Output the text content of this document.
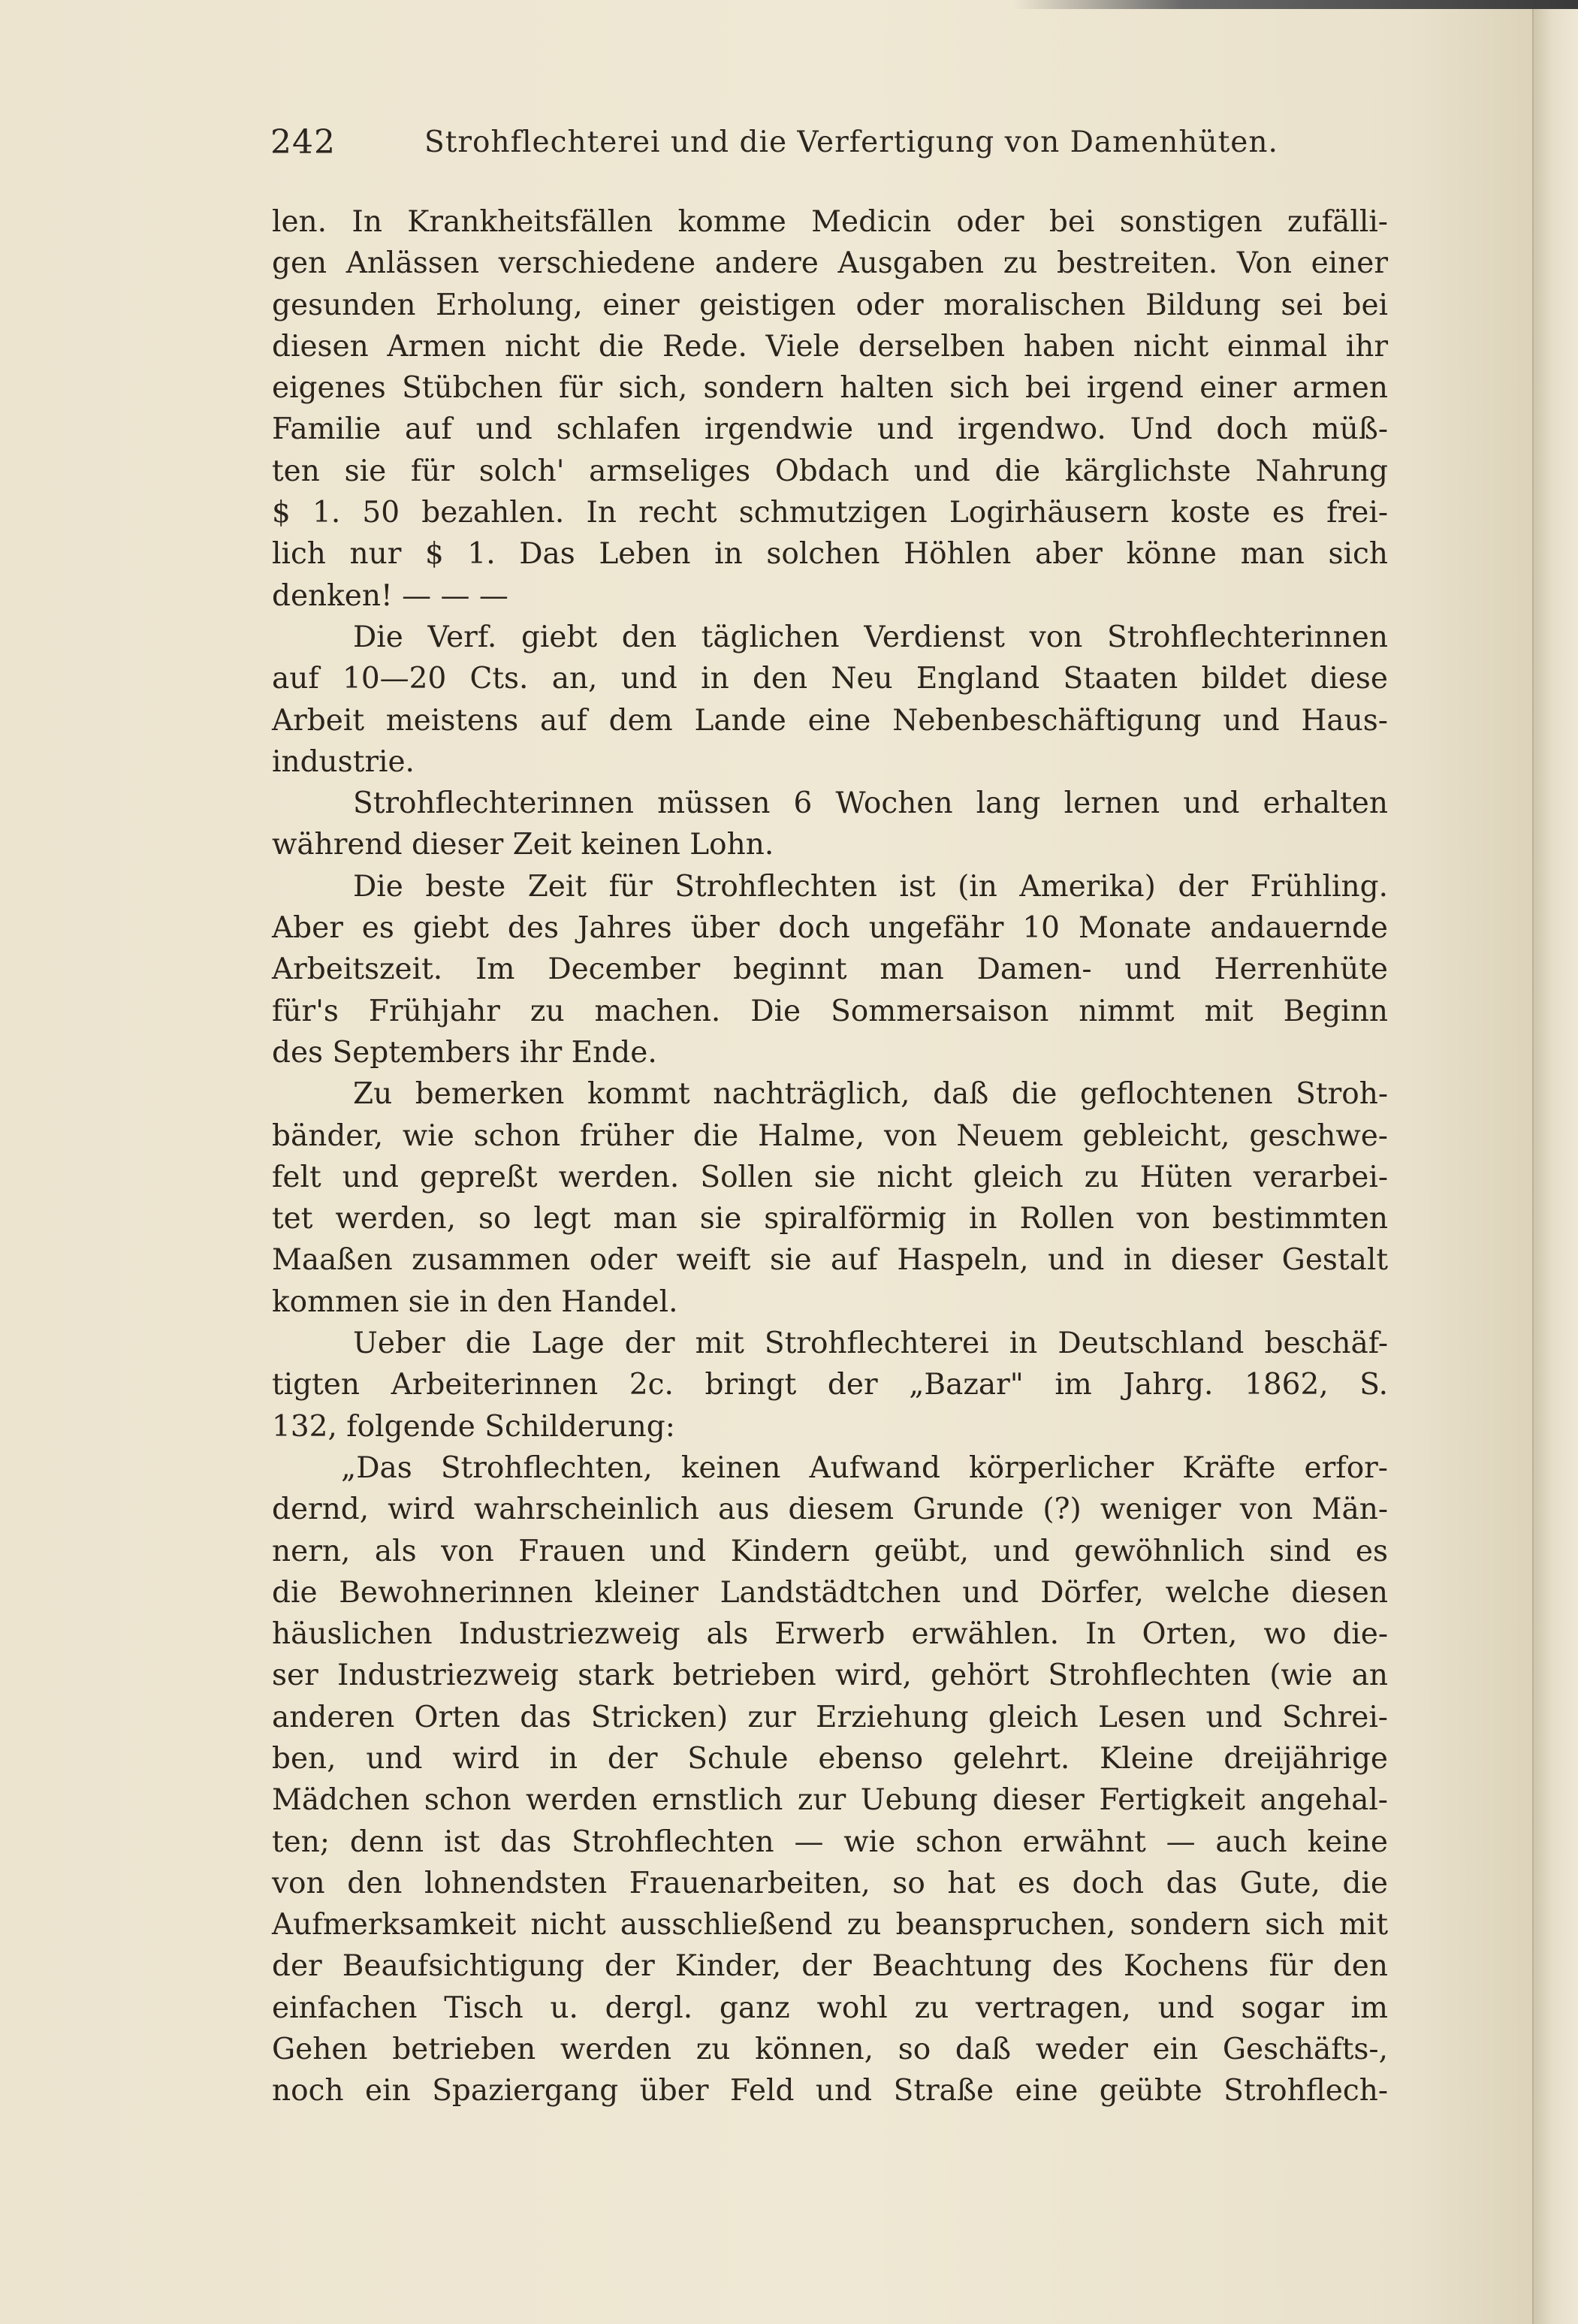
242	Strohflechterei und die Verfertigung von Damenhüten.
len. In Krankheitsfällen komme Medicin oder bei sonstigen zufälli-
gen Anlässen verschiedene andere Ausgaben zu bestreiten. Von einer
gesunden Erholung, einer geistigen oder moralischen Bildung sei bei
diesen Armen nicht die Rede. Viele derselben haben nicht einmal ihr
eigenes Stübchen für sich, sondern halten sich bei irgend einer armen
Familie auf und schlafen irgendwie und irgendwo. Und doch müß-
ten sie für solch' armseliges Obdach und die kärglichste Nahrung
$ 1. 50 bezahlen. In recht schmutzigen Logirhäusern koste es frei-
lich nur $ 1. Das Leben in solchen Höhlen aber könne man sich
denken! — — —
Die Verf. giebt den täglichen Verdienst von Strohflechterinnen
auf 10—20 Cts. an, und in den Neu England Staaten bildet diese
Arbeit meistens auf dem Lande eine Nebenbeschäftigung und Haus-
industrie.
Strohflechterinnen müssen 6 Wochen lang lernen und erhalten
während dieser Zeit keinen Lohn.
Die beste Zeit für Strohflechten ist (in Amerika) der Frühling.
Aber es giebt des Jahres über doch ungefähr 10 Monate andauernde
Arbeitszeit. Im December beginnt man Damen- und Herrenhüte
für's Frühjahr zu machen. Die Sommersaison nimmt mit Beginn
des Septembers ihr Ende.
Zu bemerken kommt nachträglich, daß die geflochtenen Stroh-
bänder, wie schon früher die Halme, von Neuem gebleicht, geschwe-
felt und gepreßt werden. Sollen sie nicht gleich zu Hüten verarbei-
tet werden, so legt man sie spiralförmig in Rollen von bestimmten
Maaßen zusammen oder weift sie auf Haspeln, und in dieser Gestalt
kommen sie in den Handel.
Ueber die Lage der mit Strohflechterei in Deutschland beschäf-
tigten Arbeiterinnen 2c. bringt der „Bazar" im Jahrg. 1862, S.
132, folgende Schilderung:
„Das Strohflechten, keinen Aufwand körperlicher Kräfte erfor-
dernd, wird wahrscheinlich aus diesem Grunde (?) weniger von Män-
nern, als von Frauen und Kindern geübt, und gewöhnlich sind es
die Bewohnerinnen kleiner Landstädtchen und Dörfer, welche diesen
häuslichen Industriezweig als Erwerb erwählen. In Orten, wo die-
ser Industriezweig stark betrieben wird, gehört Strohflechten (wie an
anderen Orten das Stricken) zur Erziehung gleich Lesen und Schrei-
ben, und wird in der Schule ebenso gelehrt. Kleine dreijährige
Mädchen schon werden ernstlich zur Uebung dieser Fertigkeit angehal-
ten; denn ist das Strohflechten — wie schon erwähnt — auch keine
von den lohnendsten Frauenarbeiten, so hat es doch das Gute, die
Aufmerksamkeit nicht ausschließend zu beanspruchen, sondern sich mit
der Beaufsichtigung der Kinder, der Beachtung des Kochens für den
einfachen Tisch u. dergl. ganz wohl zu vertragen, und sogar im
Gehen betrieben werden zu können, so daß weder ein Geschäfts-,
noch ein Spaziergang über Feld und Straße eine geübte Strohflech-
